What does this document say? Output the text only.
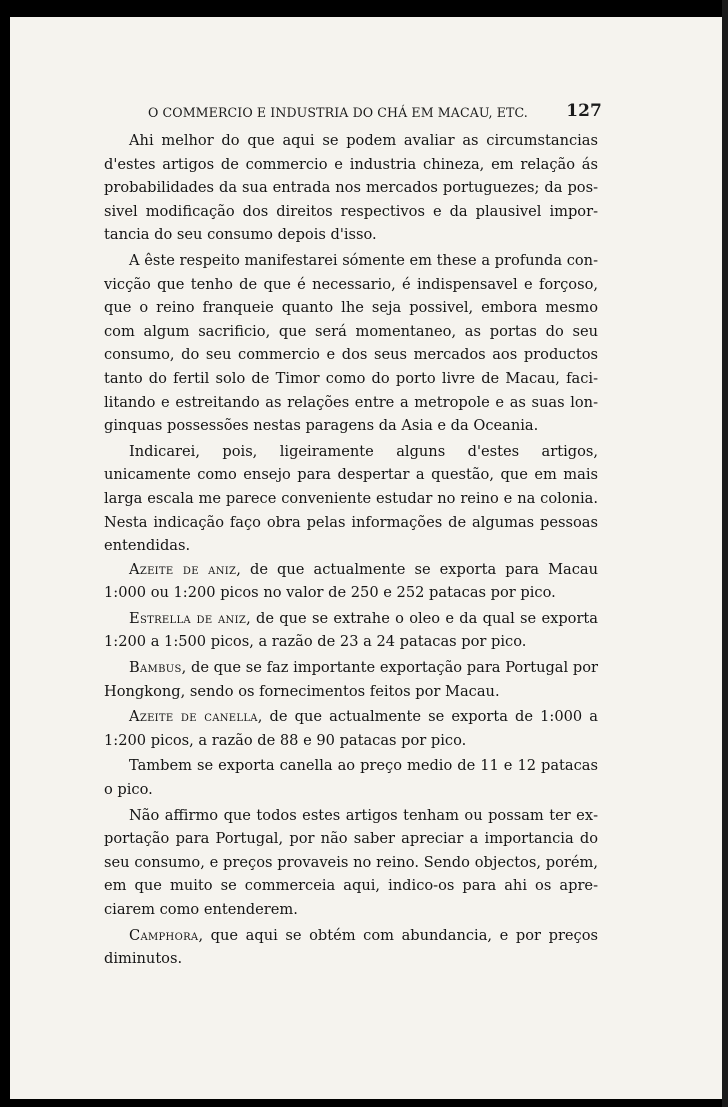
O COMMERCIO E INDUSTRIA DO CHÁ EM MACAU, ETC. 127

Ahi melhor do que aqui se podem avaliar as circumstancias d'estes artigos de commercio e industria chineza, em relação ás probabilidades da sua entrada nos mercados portuguezes; da possivel modificação dos direitos respectivos e da plausivel importancia do seu consumo depois d'isso.

A êste respeito manifestarei sómente em these a profunda convicção que tenho de que é necessario, é indispensavel e forçoso, que o reino franqueie quanto lhe seja possivel, embora mesmo com algum sacrificio, que será momentaneo, as portas do seu consumo, do seu commercio e dos seus mercados aos productos tanto do fertil solo de Timor como do porto livre de Macau, facilitando e estreitando as relações entre a metropole e as suas longinquas possessões nestas paragens da Asia e da Oceania.

Indicarei, pois, ligeiramente alguns d'estes artigos, unicamente como ensejo para despertar a questão, que em mais larga escala me parece conveniente estudar no reino e na colonia. Nesta indicação faço obra pelas informações de algumas pessoas entendidas.

Azeite de aniz, de que actualmente se exporta para Macau 1:000 ou 1:200 picos no valor de 250 e 252 patacas por pico.

Estrella de aniz, de que se extrahe o oleo e da qual se exporta 1:200 a 1:500 picos, a razão de 23 a 24 patacas por pico.

Bambus, de que se faz importante exportação para Portugal por Hongkong, sendo os fornecimentos feitos por Macau.

Azeite de canella, de que actualmente se exporta de 1:000 a 1:200 picos, a razão de 88 e 90 patacas por pico.

Tambem se exporta canella ao preço medio de 11 e 12 patacas o pico.

Não affirmo que todos estes artigos tenham ou possam ter exportação para Portugal, por não saber apreciar a importancia do seu consumo, e preços provaveis no reino. Sendo objectos, porém, em que muito se commerceia aqui, indico-os para ahi os apreciarem como entenderem.

Camphora, que aqui se obtém com abundancia, e por preços diminutos.
